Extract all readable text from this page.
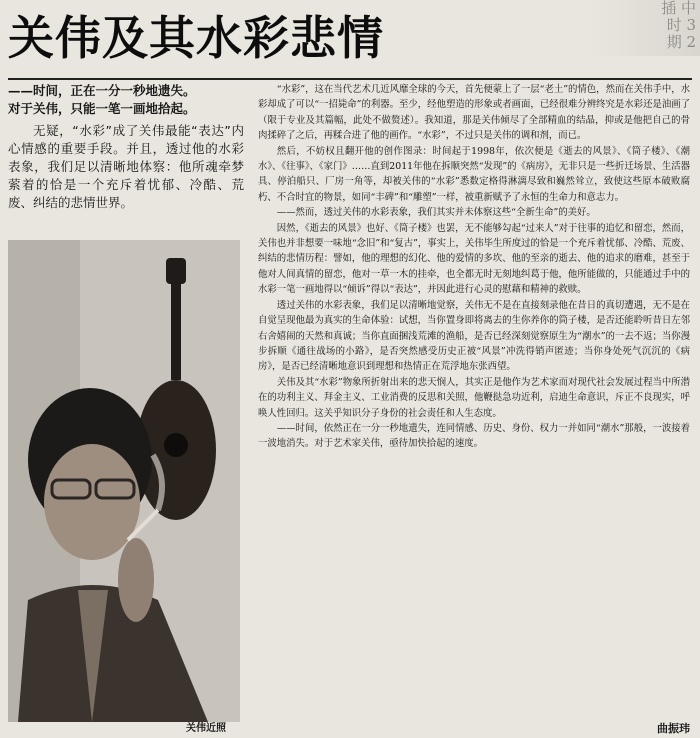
关伟及其水彩悲情
插 中
时 3
期 2
——时间，正在一分一秒地遗失。
对于关伟，只能一笔一画地拾起。
无疑，“水彩”成了关伟最能“表达”内心情感的重要手段。并且，透过他的水彩表象，我们足以清晰地体察：他所魂牵梦萦着的恰是一个充斥着忧郁、冷酷、荒废、纠结的悲情世界。
关伟近照

“水彩”，这在当代艺术几近风靡全球的今天，首先便蒙上了一层“老土”的情色，然而在关伟手中，水彩却成了可以“一招毙命”的利器。至少，经他塑造的形象或者画面，已经很难分辨终究是水彩还是油画了（限于专业及其篇幅，此处不做赘述）。我知道，那是关伟倾尽了全部精血的结晶，抑或是他把自己的骨肉揉碎了之后，再糅合进了他的画作。“水彩”，不过只是关伟的调和剂，而已。

然后，不妨权且翻开他的创作图录：时间起于1998年，依次便是《逝去的风景》、《筒子楼》、《潮水》、《往事》、《家门》……直到2011年他在拆顺突然“发现”的《病房》，无非只是一些折迁场景、生活器具、停泊船只、厂房一角等，却被关伟的“水彩”悉数定格得淋漓尽致和巍然耸立，致使这些原本破败腐朽、不合时宜的物景，如同“丰碑”和“雕塑”一样，被重新赋予了永恒的生命力和意志力。

——然而，透过关伟的水彩表象，我们其实并未体察这些“全新生命”的美好。

因然，《逝去的风景》也好、《筒子楼》也罢，无不能够勾起“过来人”对于往事的追忆和留恋，然而，关伟也并非想要一味地“念旧”和“复古”，事实上，关伟毕生所度过的恰是一个充斥着忧郁、冷酷、荒废、纠结的悲情历程：譬如，他的理想的幻化、他的爱情的多坎、他的至亲的逝去、他的追求的磨难，甚至于他对人间真情的留恋，他对一草一木的挂牵，也全都无时无刻地纠葛于他，他所能做的，只能通过手中的水彩一笔一画地得以“倾诉”得以“表达”，并因此进行心灵的慰藉和精神的救赎。

透过关伟的水彩表象，我们足以清晰地觉察，关伟无不是在直接刻录他在昔日的真切遭遇，无不是在自觉呈现他最为真实的生命体验：试想，当你置身即将离去的生你养你的筒子楼，是否还能聆听昔日左邻右舍嬉闹的天然和真诚；当你直面捆浅荒滩的渔船，是否已经深刻觉察原生为“潮水”的一去不返；当你漫步拆顺《通往战场的小路》，是否突然感受历史正被“风景”冲洗得销声匿迹；当你身处死气沉沉的《病房》，是否已经清晰地意识到理想和热情正在荒浮地东张西望。

关伟及其“水彩”物象所折射出来的悲天悯人，其实正是他作为艺术家而对现代社会发展过程当中所潜在的功利主义、拜金主义、工业消费的反思和关照，他鞭挞急功近利，启迪生命意识，斥正不良现实，呼唤人性回归。这关乎知识分子身份的社会责任和人生态度。

——时间，依然正在一分一秒地遗失，连同情感、历史、身份、权力一并如同“潮水”那般，一波接着一波地消失。对于艺术家关伟，亟待加快拾起的速度。

曲振玮
